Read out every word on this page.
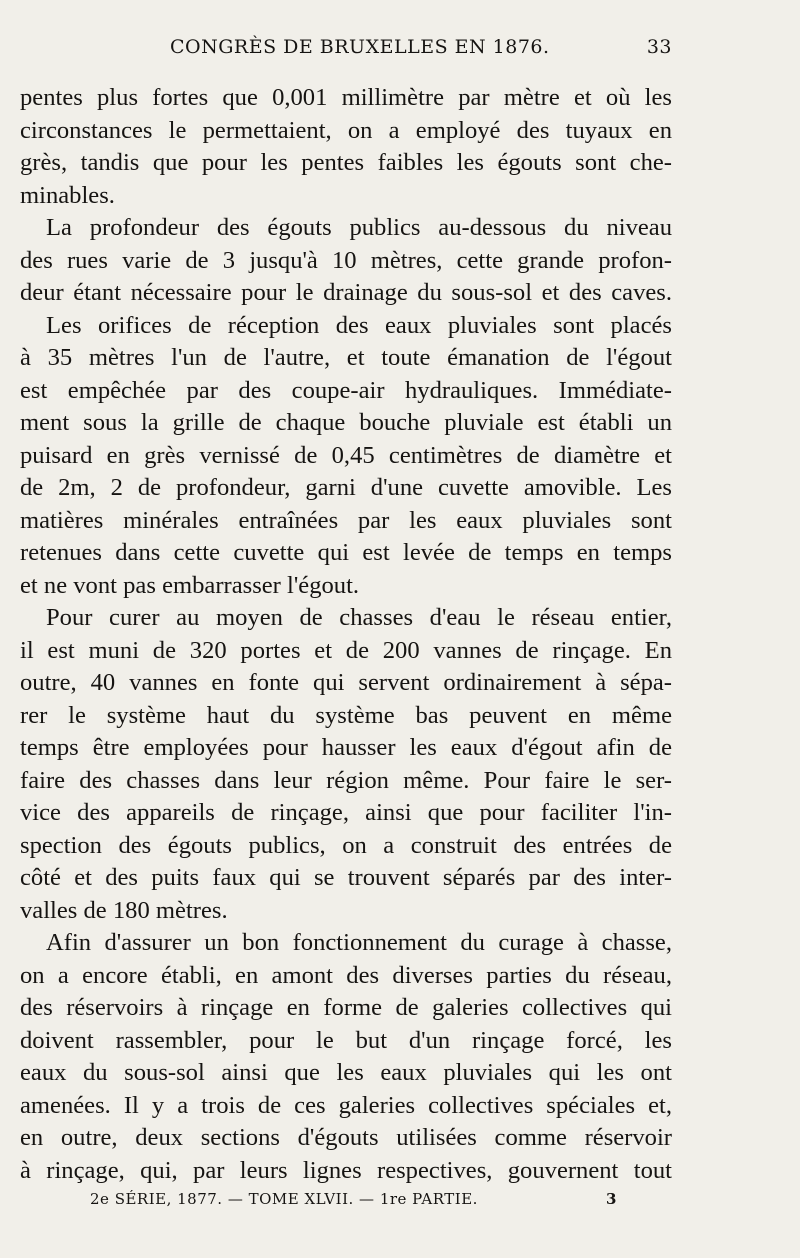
CONGRÈS DE BRUXELLES EN 1876.	33
pentes plus fortes que 0,001 millimètre par mètre et où les
circonstances le permettaient, on a employé des tuyaux en
grès, tandis que pour les pentes faibles les égouts sont che-
minables.
La profondeur des égouts publics au-dessous du niveau
des rues varie de 3 jusqu'à 10 mètres, cette grande profon-
deur étant nécessaire pour le drainage du sous-sol et des caves.
Les orifices de réception des eaux pluviales sont placés
à 35 mètres l'un de l'autre, et toute émanation de l'égout
est empêchée par des coupe-air hydrauliques. Immédiate-
ment sous la grille de chaque bouche pluviale est établi un
puisard en grès vernissé de 0,45 centimètres de diamètre et
de 2m, 2 de profondeur, garni d'une cuvette amovible. Les
matières minérales entraînées par les eaux pluviales sont
retenues dans cette cuvette qui est levée de temps en temps
et ne vont pas embarrasser l'égout.
Pour curer au moyen de chasses d'eau le réseau entier,
il est muni de 320 portes et de 200 vannes de rinçage. En
outre, 40 vannes en fonte qui servent ordinairement à sépa-
rer le système haut du système bas peuvent en même
temps être employées pour hausser les eaux d'égout afin de
faire des chasses dans leur région même. Pour faire le ser-
vice des appareils de rinçage, ainsi que pour faciliter l'in-
spection des égouts publics, on a construit des entrées de
côté et des puits faux qui se trouvent séparés par des inter-
valles de 180 mètres.
Afin d'assurer un bon fonctionnement du curage à chasse,
on a encore établi, en amont des diverses parties du réseau,
des réservoirs à rinçage en forme de galeries collectives qui
doivent rassembler, pour le but d'un rinçage forcé, les
eaux du sous-sol ainsi que les eaux pluviales qui les ont
amenées. Il y a trois de ces galeries collectives spéciales et,
en outre, deux sections d'égouts utilisées comme réservoir
à rinçage, qui, par leurs lignes respectives, gouvernent tout
2e SÉRIE, 1877. — TOME XLVII. — 1re PARTIE.	3
